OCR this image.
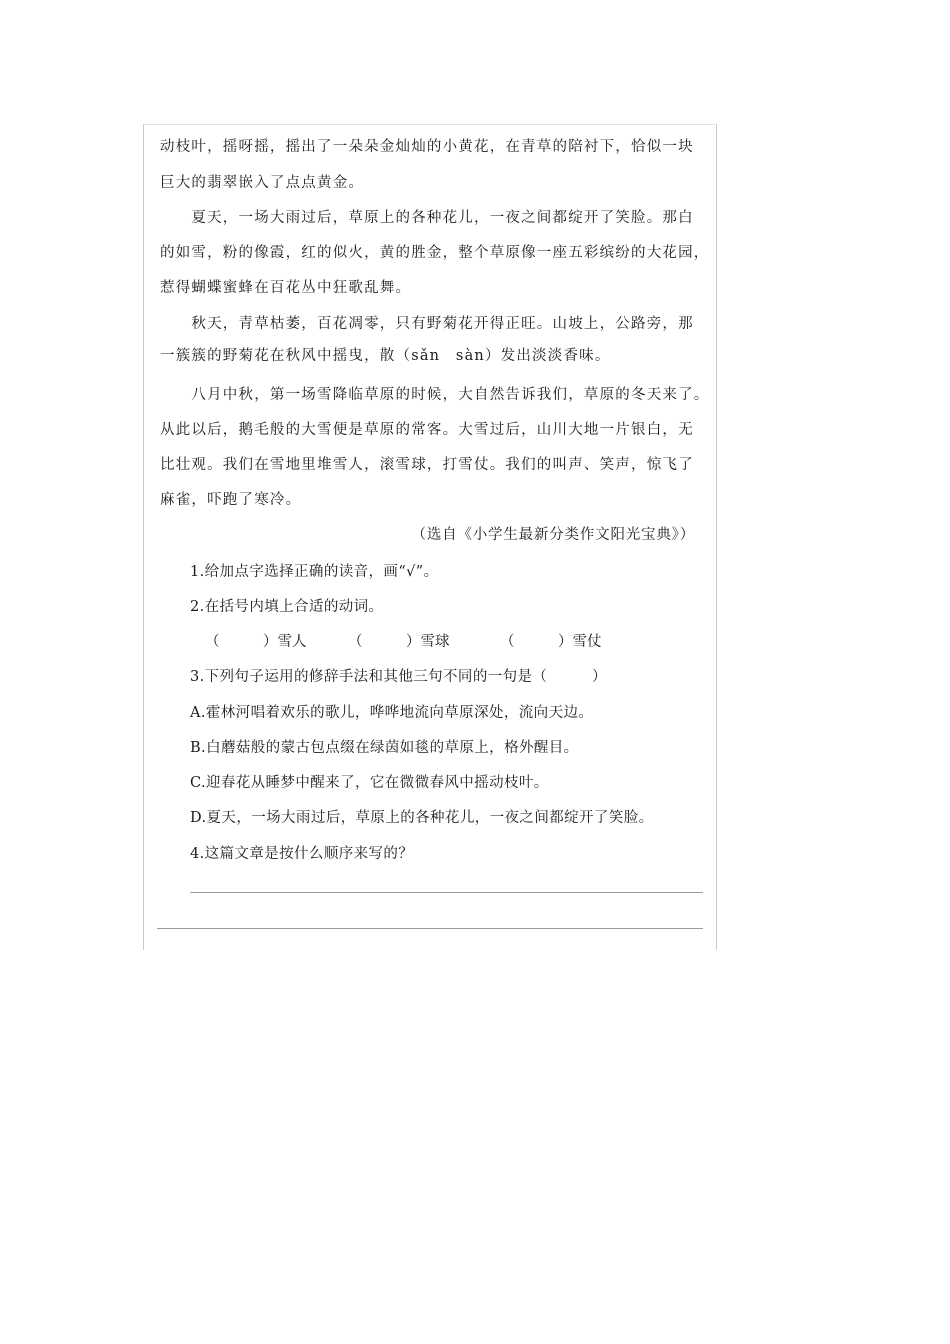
动枝叶，摇呀摇，摇出了一朵朵金灿灿的小黄花，在青草的陪衬下，恰似一块
巨大的翡翠嵌入了点点黄金。
　　夏天，一场大雨过后，草原上的各种花儿，一夜之间都绽开了笑脸。那白
的如雪，粉的像霞，红的似火，黄的胜金，整个草原像一座五彩缤纷的大花园，
惹得蝴蝶蜜蜂在百花丛中狂歌乱舞。
　　秋天，青草枯萎，百花凋零，只有野菊花开得正旺。山坡上，公路旁，那
一簇簇的野菊花在秋风中摇曳，散（sǎn　sàn）发出淡淡香味。
　　八月中秋，第一场雪降临草原的时候，大自然告诉我们，草原的冬天来了。
从此以后，鹅毛般的大雪便是草原的常客。大雪过后，山川大地一片银白，无
比壮观。我们在雪地里堆雪人，滚雪球，打雪仗。我们的叫声、笑声，惊飞了
麻雀，吓跑了寒冷。
（选自《小学生最新分类作文阳光宝典》）
1.给加点字选择正确的读音，画“√”。
2.在括号内填上合适的动词。
（　　　）雪人	（　　　）雪球	（　　　）雪仗
3.下列句子运用的修辞手法和其他三句不同的一句是（　　　）
A.霍林河唱着欢乐的歌儿，哗哗地流向草原深处，流向天边。
B.白蘑菇般的蒙古包点缀在绿茵如毯的草原上，格外醒目。
C.迎春花从睡梦中醒来了，它在微微春风中摇动枝叶。
D.夏天，一场大雨过后，草原上的各种花儿，一夜之间都绽开了笑脸。
4.这篇文章是按什么顺序来写的？
